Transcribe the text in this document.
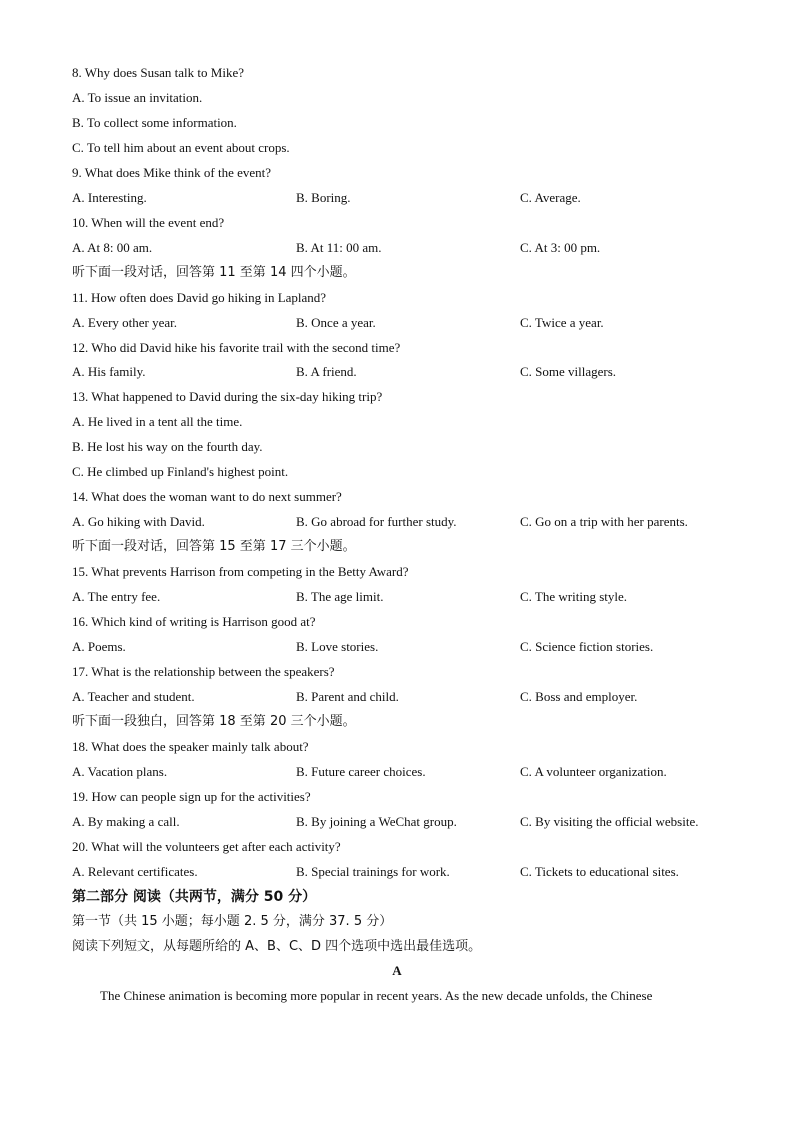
8. Why does Susan talk to Mike?
A. To issue an invitation.
B. To collect some information.
C. To tell him about an event about crops.
9. What does Mike think of the event?
A. Interesting.	B. Boring.	C. Average.
10. When will the event end?
A. At 8: 00 am.	B. At 11: 00 am.	C. At 3: 00 pm.
听下面一段对话，回答第 11 至第 14 四个小题。
11. How often does David go hiking in Lapland?
A. Every other year.	B. Once a year.	C. Twice a year.
12. Who did David hike his favorite trail with the second time?
A. His family.	B. A friend.	C. Some villagers.
13. What happened to David during the six-day hiking trip?
A. He lived in a tent all the time.
B. He lost his way on the fourth day.
C. He climbed up Finland's highest point.
14. What does the woman want to do next summer?
A. Go hiking with David.	B. Go abroad for further study.	C. Go on a trip with her parents.
听下面一段对话，回答第 15 至第 17 三个小题。
15. What prevents Harrison from competing in the Betty Award?
A. The entry fee.	B. The age limit.	C. The writing style.
16. Which kind of writing is Harrison good at?
A. Poems.	B. Love stories.	C. Science fiction stories.
17. What is the relationship between the speakers?
A. Teacher and student.	B. Parent and child.	C. Boss and employer.
听下面一段独白，回答第 18 至第 20 三个小题。
18. What does the speaker mainly talk about?
A. Vacation plans.	B. Future career choices.	C. A volunteer organization.
19. How can people sign up for the activities?
A. By making a call.	B. By joining a WeChat group.	C. By visiting the official website.
20. What will the volunteers get after each activity?
A. Relevant certificates.	B. Special trainings for work.	C. Tickets to educational sites.
第二部分 阅读（共两节，满分 50 分）
第一节（共 15 小题；每小题 2. 5 分，满分 37. 5 分）
阅读下列短文，从每题所给的 A、B、C、D 四个选项中选出最佳选项。
A
The Chinese animation is becoming more popular in recent years. As the new decade unfolds, the Chinese
